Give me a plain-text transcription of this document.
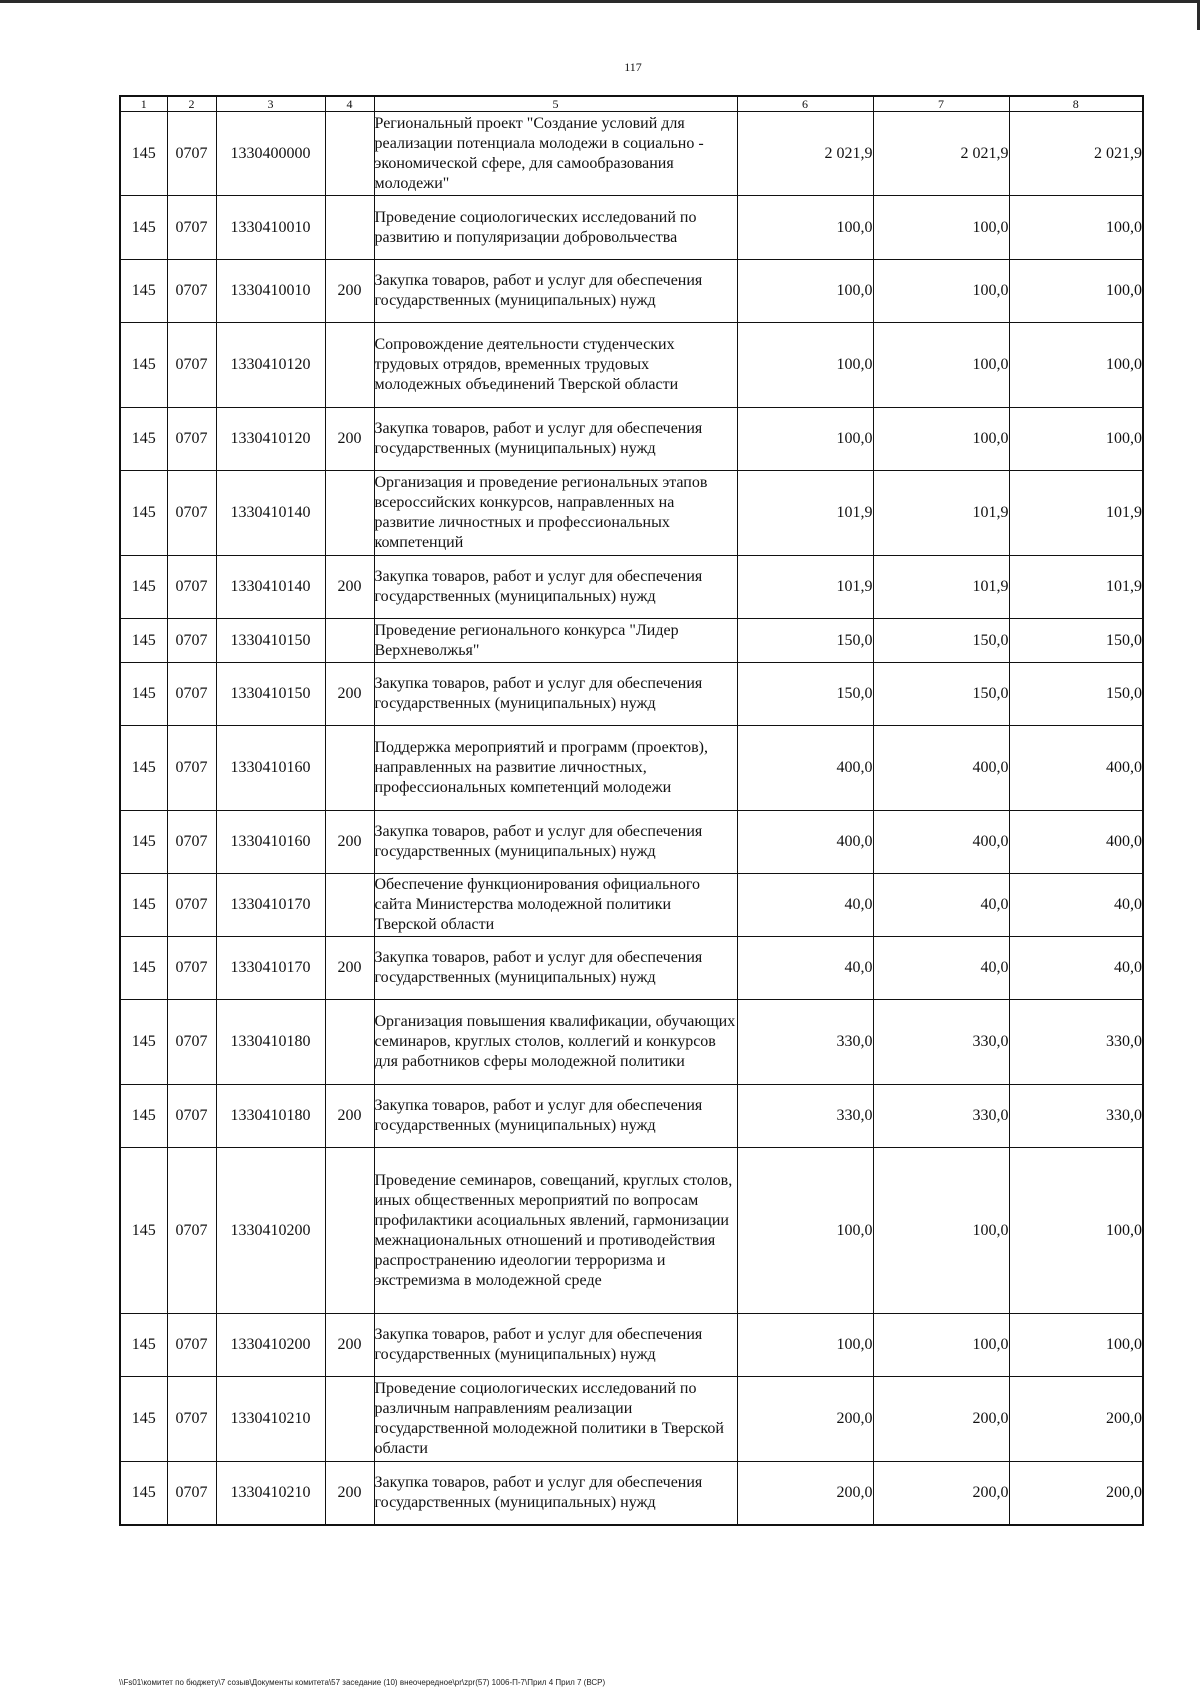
117
1	2	3	4	5	6	7	8
145	0707	1330400000		Региональный проект "Создание условий для реализации потенциала молодежи в социально - экономической сфере, для самообразования молодежи"	2 021,9	2 021,9	2 021,9
145	0707	1330410010		Проведение социологических исследований по развитию и популяризации добровольчества	100,0	100,0	100,0
145	0707	1330410010	200	Закупка товаров, работ и услуг для обеспечения государственных (муниципальных) нужд	100,0	100,0	100,0
145	0707	1330410120		Сопровождение деятельности студенческих трудовых отрядов, временных трудовых молодежных объединений Тверской области	100,0	100,0	100,0
145	0707	1330410120	200	Закупка товаров, работ и услуг для обеспечения государственных (муниципальных) нужд	100,0	100,0	100,0
145	0707	1330410140		Организация и проведение региональных этапов всероссийских конкурсов, направленных на развитие личностных и профессиональных компетенций	101,9	101,9	101,9
145	0707	1330410140	200	Закупка товаров, работ и услуг для обеспечения государственных (муниципальных) нужд	101,9	101,9	101,9
145	0707	1330410150		Проведение регионального конкурса "Лидер Верхневолжья"	150,0	150,0	150,0
145	0707	1330410150	200	Закупка товаров, работ и услуг для обеспечения государственных (муниципальных) нужд	150,0	150,0	150,0
145	0707	1330410160		Поддержка мероприятий и программ (проектов), направленных на развитие личностных, профессиональных компетенций молодежи	400,0	400,0	400,0
145	0707	1330410160	200	Закупка товаров, работ и услуг для обеспечения государственных (муниципальных) нужд	400,0	400,0	400,0
145	0707	1330410170		Обеспечение функционирования официального сайта Министерства молодежной политики Тверской области	40,0	40,0	40,0
145	0707	1330410170	200	Закупка товаров, работ и услуг для обеспечения государственных (муниципальных) нужд	40,0	40,0	40,0
145	0707	1330410180		Организация повышения квалификации, обучающих семинаров, круглых столов, коллегий и конкурсов для работников сферы молодежной политики	330,0	330,0	330,0
145	0707	1330410180	200	Закупка товаров, работ и услуг для обеспечения государственных (муниципальных) нужд	330,0	330,0	330,0
145	0707	1330410200		Проведение семинаров, совещаний, круглых столов, иных общественных мероприятий по вопросам профилактики асоциальных явлений, гармонизации межнациональных отношений и противодействия распространению идеологии терроризма и экстремизма в молодежной среде	100,0	100,0	100,0
145	0707	1330410200	200	Закупка товаров, работ и услуг для обеспечения государственных (муниципальных) нужд	100,0	100,0	100,0
145	0707	1330410210		Проведение социологических исследований по различным направлениям реализации государственной молодежной политики в Тверской области	200,0	200,0	200,0
145	0707	1330410210	200	Закупка товаров, работ и услуг для обеспечения государственных (муниципальных) нужд	200,0	200,0	200,0
\\Fs01\комитет по бюджету\7 созыв\Документы комитета\57 заседание (10) внеочередное\pr\zpr(57) 1006-П-7\Прил 4 Прил 7 (ВСР)
